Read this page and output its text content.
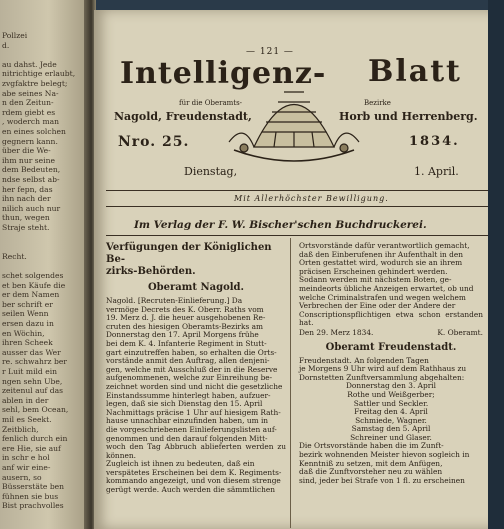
Pollzei
d.
au dahst. Jede
nitrichtige erlaubt,
zvgfaktre belegt;
abe seines Na-
n den Zeitun-
rdem giebt es
, woderch man
en eines solchen
gegnern kann.
über die We-
ihm nur seine
dem Bedeuten,
ndse selbst ab-
her fepn, das
ihn nach der
nilich auch nur
thun, wegen
Straje steht.
Recht.
schet solgendes
et ben Käufe die
er dem Namen
ber schrift er
seilen Wenn
ersen dazu in
en Wöchin,
ihren Scheek
ausser das Wer
re. schwahrz ber
r Luit mild ein
ngen sehn Ube,
zeitenul auf das
ablen in der
sehl, bem Ocean,
mil es Seekt.
Zeitblich,
fenlich durch ein
ere Hie, sie auf
in schr e hol
anf wir eine-
ausern, so
Büsserstäte ben
fühnen sie bus
Bist prachvolles
— 121 —
Intelligenz- Blatt
für die Oberamts-	Bezirke
Nagold, Freudenstadt,	Horb und Herrenberg.
Nro. 25.	1834.
Dienstag,	1. April.
Mit Allerhöchster Bewilligung.
Im Verlag der F. W. Bischer'schen Buchdruckerei.
Verfügungen der Königlichen Be-
zirks-Behörden.
Oberamt Nagold.
Nagold. [Recruten-Einlieferung.] Da
vermöge Decrets des K. Oberr. Raths vom
19. Merz d. J. die heuer ausgehobenen Re-
cruten des hiesigen Oberamts-Bezirks am
Donnerstag den 17. April Morgens frühe
bei dem K. 4. Infanterie Regiment in Stutt-
gart einzutreffen haben, so erhalten die Orts-
vorstände anmit den Auftrag, allen denjeni-
gen, welche mit Ausschluß der in die Reserve
aufgenommenen, welche zur Einreihung be-
zeichnet worden sind und nicht die gesetzliche
Einstandssumme hinterlegt haben, aufzuer-
legen, daß sie sich Dienstag den 15. April
Nachmittags präcise 1 Uhr auf hiesigem Rath-
hause unnachbar einzufinden haben, um in
die vorgeschriebenen Einlieferungslisten auf-
genommen und den darauf folgenden Mitt-
woch den Tag Abbruch ablieferten werden zu können.
Zugleich ist ihnen zu bedeuten, daß ein
verspätetes Erscheinen bei dem K. Regiments-
kommando angezeigt, und von diesem strenge
gerügt werde. Auch werden die sämmtlichen
Ortsvorstände dafür verantwortlich gemacht,
daß den Einberufenen ihr Aufenthalt in den
Orten gestattet wird, wodurch sie an ihrem
präcisen Erscheinen gehindert werden.
Sodann werden mit nächstem Boten, ge-
meindeorts übliche Anzeigen erwartet, ob und
welche Criminalstrafen und wegen welchem
Verbrechen der Eine oder der Andere der
Conscriptionspflichtigen etwa schon erstanden hat.
Den 29. Merz 1834.	K. Oberamt.
Oberamt Freudenstadt.
Freudenstadt. An folgenden Tagen
je Morgens 9 Uhr wird auf dem Rathhaus zu
Dornstetten Zunftversammlung abgehalten:
Donnerstag den 3. April
Rothe und Weißgerber;
Sattler und Seckler.
Freitag den 4. April
Schmiede, Wagner.
Samstag den 5. April
Schreiner und Glaser.
Die Ortsvorstände haben die im Zunft-
bezirk wohnenden Meister hievon sogleich in
Kenntniß zu setzen, mit dem Anfügen,
daß die Zunftvorsteher neu zu wählen
sind, jeder bei Strafe von 1 fl. zu erscheinen
